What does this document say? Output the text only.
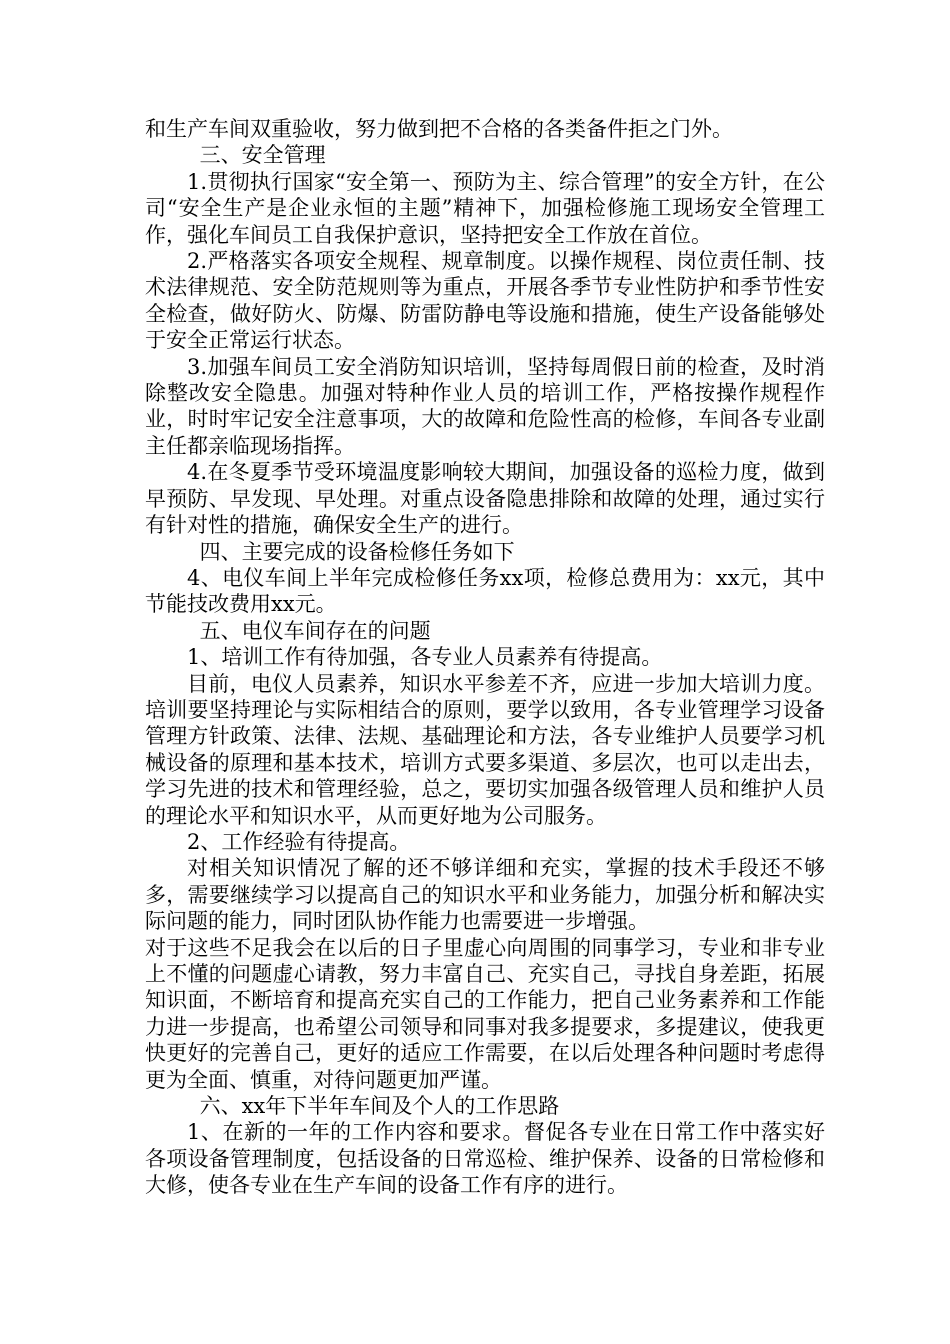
和生产车间双重验收，努力做到把不合格的各类备件拒之门外。

三、安全管理

1.贯彻执行国家“安全第一、预防为主、综合管理”的安全方针，在公司“安全生产是企业永恒的主题”精神下，加强检修施工现场安全管理工作，强化车间员工自我保护意识，坚持把安全工作放在首位。

2.严格落实各项安全规程、规章制度。以操作规程、岗位责任制、技术法律规范、安全防范规则等为重点，开展各季节专业性防护和季节性安全检查，做好防火、防爆、防雷防静电等设施和措施，使生产设备能够处于安全正常运行状态。

3.加强车间员工安全消防知识培训，坚持每周假日前的检查，及时消除整改安全隐患。加强对特种作业人员的培训工作，严格按操作规程作业，时时牢记安全注意事项，大的故障和危险性高的检修，车间各专业副主任都亲临现场指挥。

4.在冬夏季节受环境温度影响较大期间，加强设备的巡检力度，做到早预防、早发现、早处理。对重点设备隐患排除和故障的处理，通过实行有针对性的措施，确保安全生产的进行。

四、主要完成的设备检修任务如下

4、电仪车间上半年完成检修任务xx项，检修总费用为：xx元，其中节能技改费用xx元。

五、电仪车间存在的问题

1、培训工作有待加强，各专业人员素养有待提高。

目前，电仪人员素养，知识水平参差不齐，应进一步加大培训力度。培训要坚持理论与实际相结合的原则，要学以致用，各专业管理学习设备管理方针政策、法律、法规、基础理论和方法，各专业维护人员要学习机械设备的原理和基本技术，培训方式要多渠道、多层次，也可以走出去，学习先进的技术和管理经验，总之，要切实加强各级管理人员和维护人员的理论水平和知识水平，从而更好地为公司服务。

2、工作经验有待提高。

对相关知识情况了解的还不够详细和充实，掌握的技术手段还不够多，需要继续学习以提高自己的知识水平和业务能力，加强分析和解决实际问题的能力，同时团队协作能力也需要进一步增强。

对于这些不足我会在以后的日子里虚心向周围的同事学习，专业和非专业上不懂的问题虚心请教，努力丰富自己、充实自己，寻找自身差距，拓展知识面，不断培育和提高充实自己的工作能力，把自己业务素养和工作能力进一步提高，也希望公司领导和同事对我多提要求，多提建议，使我更快更好的完善自己，更好的适应工作需要，在以后处理各种问题时考虑得更为全面、慎重，对待问题更加严谨。

六、xx年下半年车间及个人的工作思路

1、在新的一年的工作内容和要求。督促各专业在日常工作中落实好各项设备管理制度，包括设备的日常巡检、维护保养、设备的日常检修和大修，使各专业在生产车间的设备工作有序的进行。
